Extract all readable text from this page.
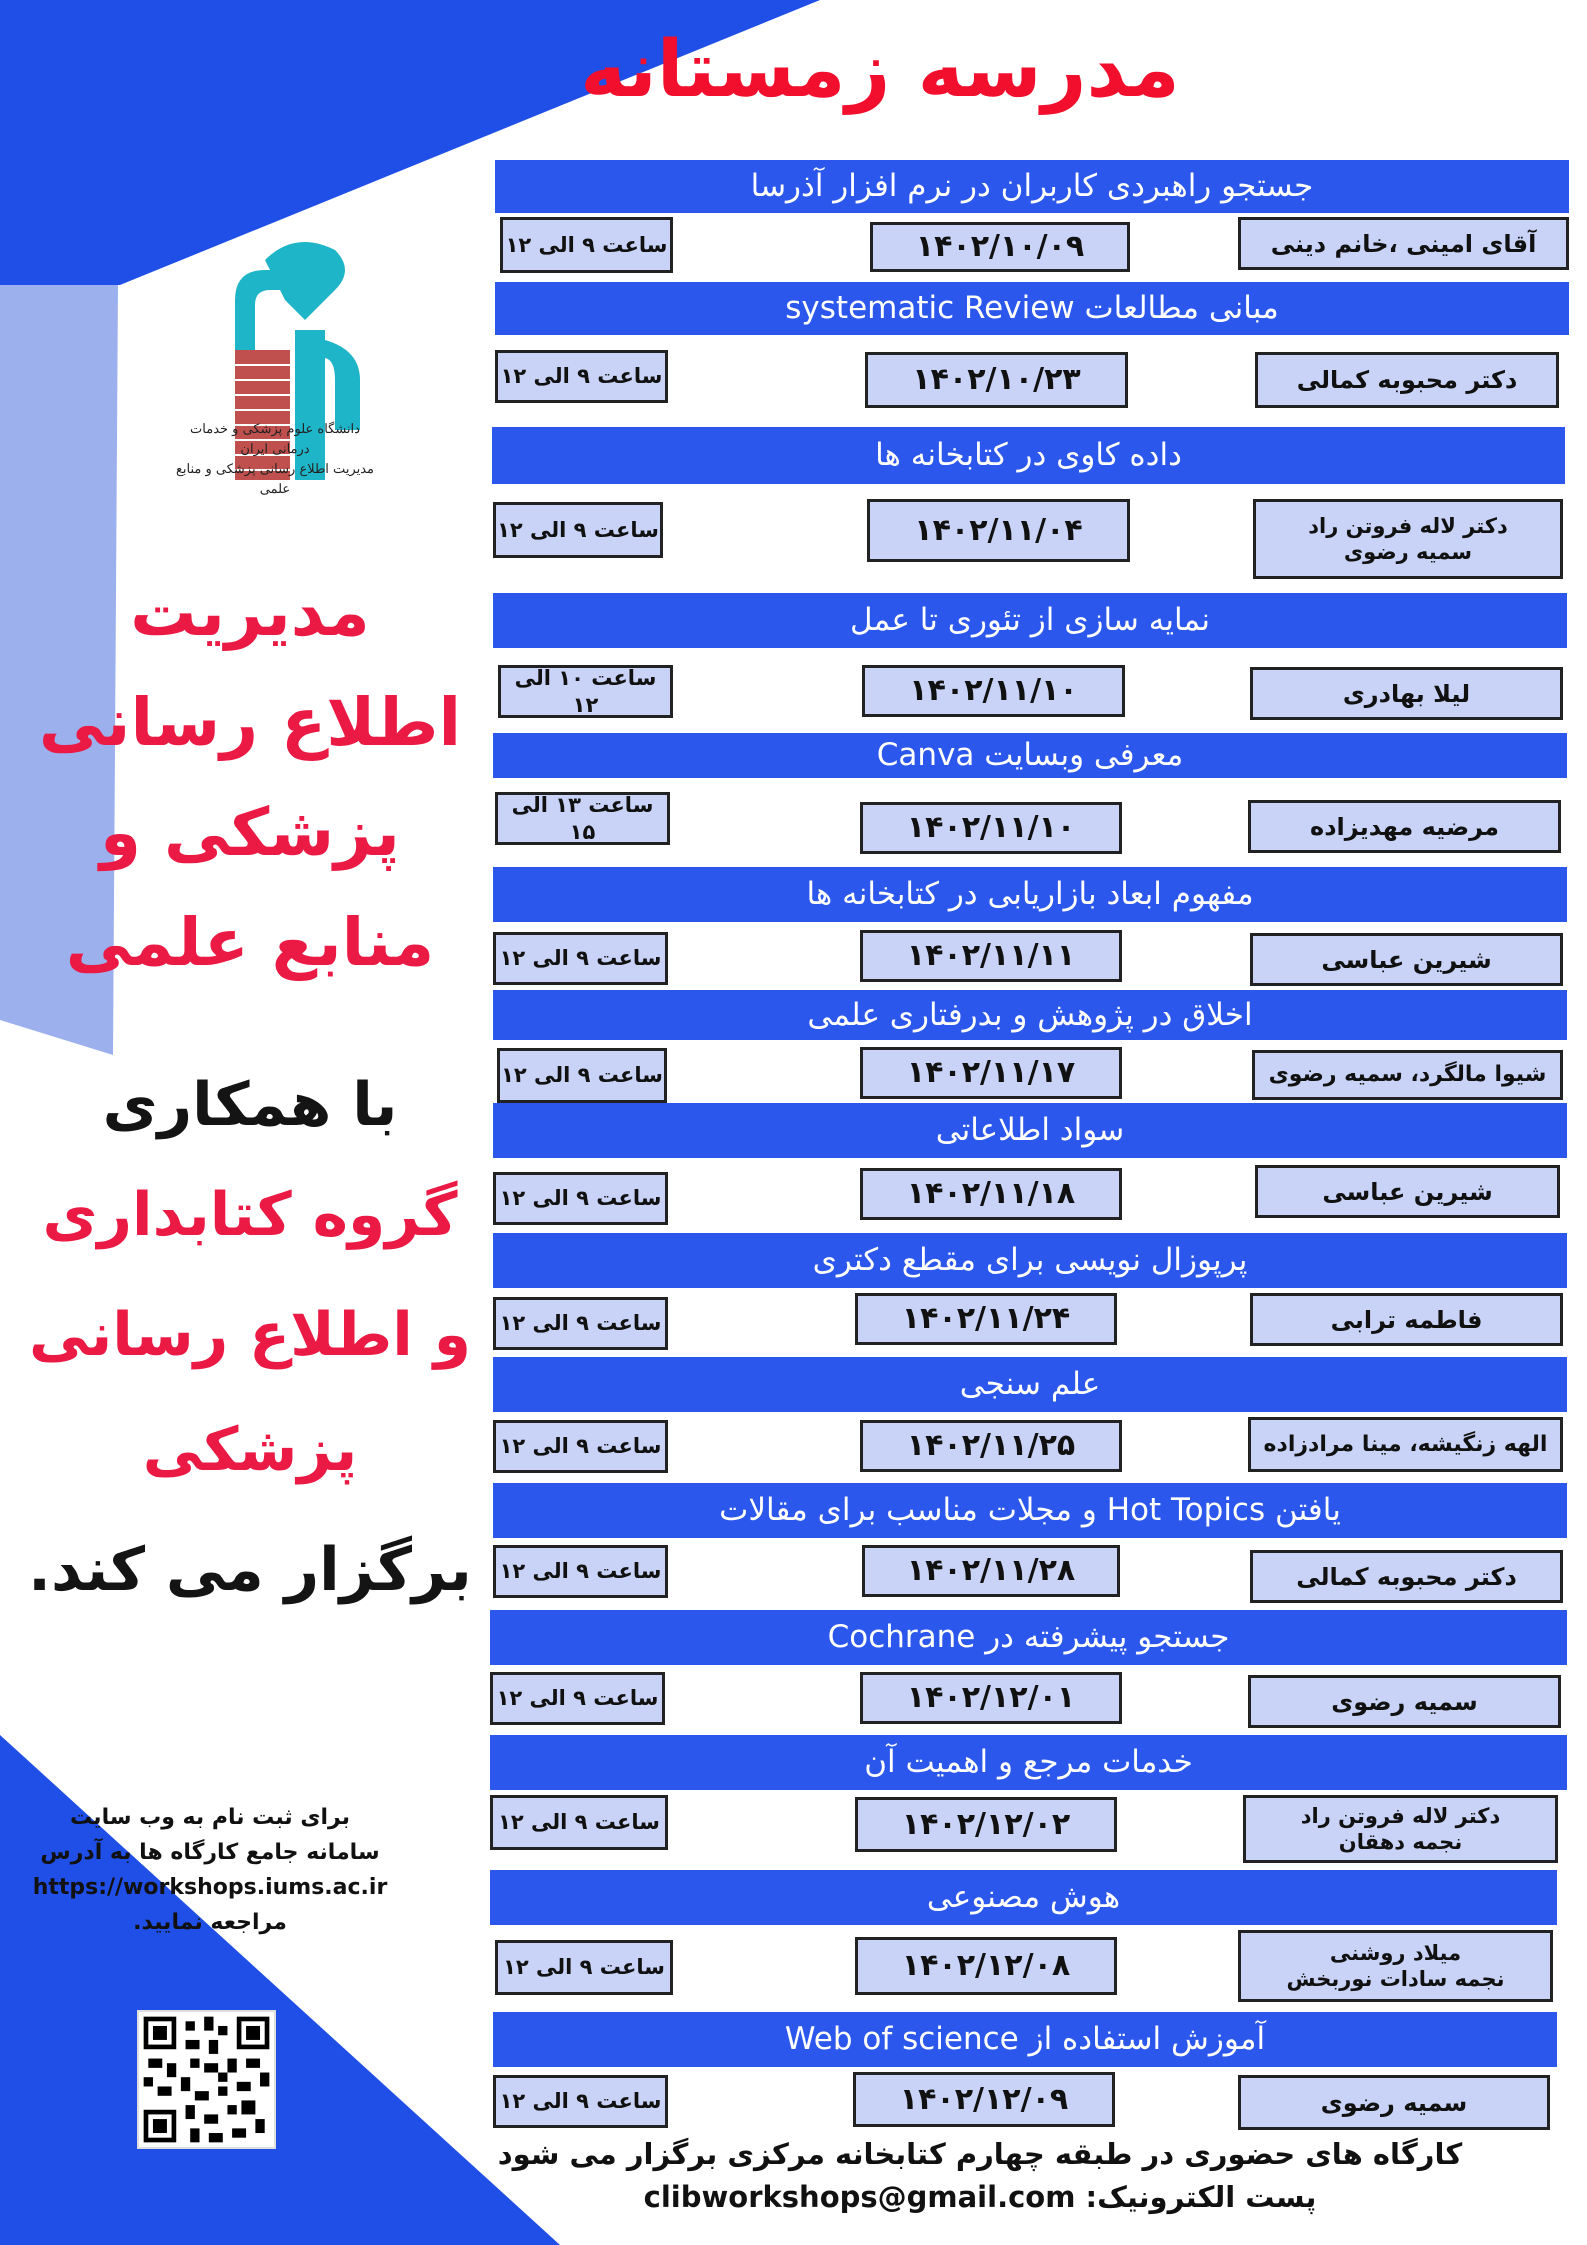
مدرسه زمستانه
دانشگاه علوم پزشکی و خدمات درمانی ایران
مدیریت اطلاع رسانی پزشکی و منابع علمی
مدیریت
اطلاع رسانی
پزشکی و
منابع علمی
با همکاری
گروه کتابداری
و اطلاع رسانی
پزشکی
برگزار می کند.
برای ثبت نام به وب سایت
سامانه جامع کارگاه ها به آدرس
https://workshops.iums.ac.ir
مراجعه نمایید.
جستجو راهبردی کاربران در نرم افزار آذرسا
آقای امینی ،خانم دینی
۱۴۰۲/۱۰/۰۹
ساعت ۹ الی ۱۲
مبانی مطالعات systematic Review
دکتر محبوبه کمالی
۱۴۰۲/۱۰/۲۳
ساعت ۹ الی ۱۲
داده کاوی در کتابخانه ها
دکتر لاله فروتن راد
سمیه رضوی
۱۴۰۲/۱۱/۰۴
ساعت ۹ الی ۱۲
نمایه سازی از تئوری تا عمل
لیلا بهادری
۱۴۰۲/۱۱/۱۰
ساعت ۱۰ الی ۱۲
معرفی وبسایت Canva
مرضیه مهدیزاده
۱۴۰۲/۱۱/۱۰
ساعت ۱۳ الی ۱۵
مفهوم ابعاد بازاریابی در کتابخانه ها
شیرین عباسی
۱۴۰۲/۱۱/۱۱
ساعت ۹ الی ۱۲
اخلاق در پژوهش و بدرفتاری علمی
شیوا مالگرد، سمیه رضوی
۱۴۰۲/۱۱/۱۷
ساعت ۹ الی ۱۲
سواد اطلاعاتی
شیرین عباسی
۱۴۰۲/۱۱/۱۸
ساعت ۹ الی ۱۲
پرپوزال نویسی برای مقطع دکتری
فاطمه ترابی
۱۴۰۲/۱۱/۲۴
ساعت ۹ الی ۱۲
علم سنجی
الهه زنگیشه، مینا مرادزاده
۱۴۰۲/۱۱/۲۵
ساعت ۹ الی ۱۲
یافتن Hot Topics و مجلات مناسب برای مقالات
دکتر محبوبه کمالی
۱۴۰۲/۱۱/۲۸
ساعت ۹ الی ۱۲
جستجو پیشرفته در Cochrane
سمیه رضوی
۱۴۰۲/۱۲/۰۱
ساعت ۹ الی ۱۲
خدمات مرجع و اهمیت آن
دکتر لاله فروتن راد
نجمه دهقان
۱۴۰۲/۱۲/۰۲
ساعت ۹ الی ۱۲
هوش مصنوعی
میلاد روشنی
نجمه سادات نوربخش
۱۴۰۲/۱۲/۰۸
ساعت ۹ الی ۱۲
آموزش استفاده از Web of science
سمیه رضوی
۱۴۰۲/۱۲/۰۹
ساعت ۹ الی ۱۲
کارگاه های حضوری در طبقه چهارم کتابخانه مرکزی برگزار می شود
پست الکترونیک: clibworkshops@gmail.com
